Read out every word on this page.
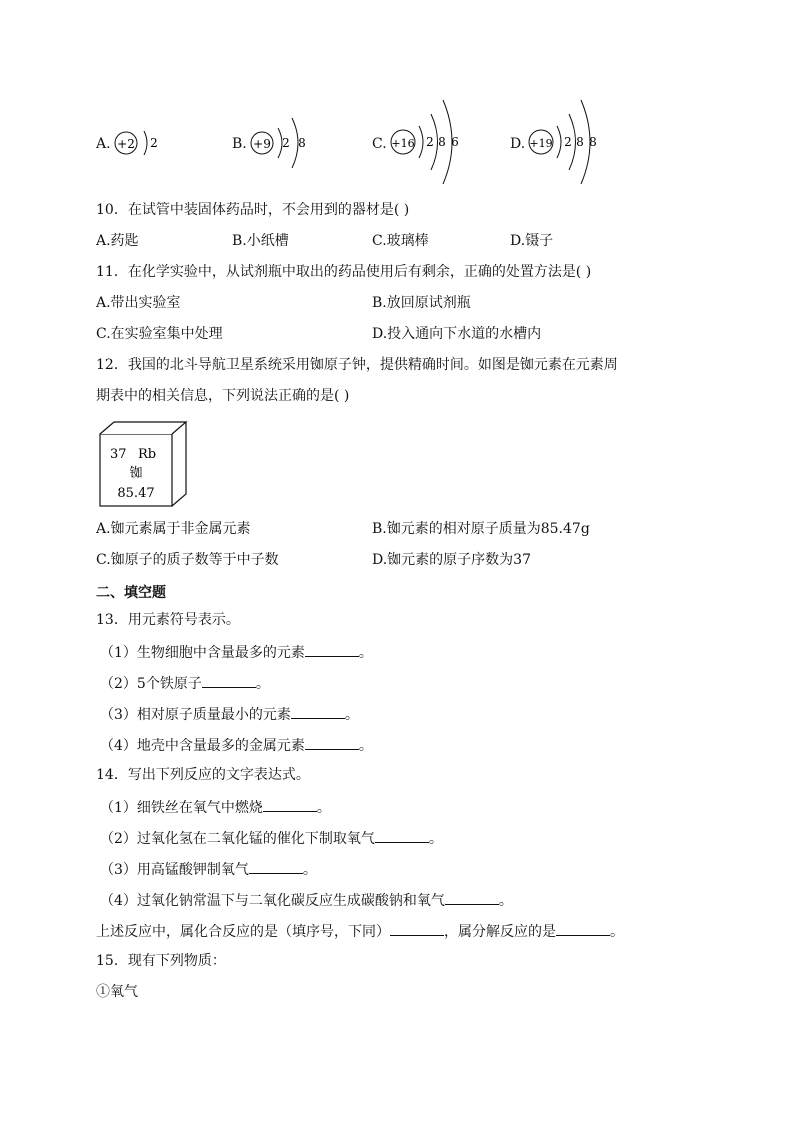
A. +2 2	B. +9 2 8	C. +16 2 8 6	D. +19 2 8 8
10．在试管中装固体药品时，不会用到的器材是( )
A.药匙	B.小纸槽	C.玻璃棒	D.镊子
11．在化学实验中，从试剂瓶中取出的药品使用后有剩余，正确的处置方法是( )
A.带出实验室	B.放回原试剂瓶
C.在实验室集中处理	D.投入通向下水道的水槽内
12．我国的北斗导航卫星系统采用铷原子钟，提供精确时间。如图是铷元素在元素周
期表中的相关信息，下列说法正确的是( )
37 Rb
铷
85.47
A.铷元素属于非金属元素	B.铷元素的相对原子质量为85.47g
C.铷原子的质子数等于中子数	D.铷元素的原子序数为37
二、填空题
13．用元素符号表示。
（1）生物细胞中含量最多的元素	。
（2）5个铁原子	。
（3）相对原子质量最小的元素	。
（4）地壳中含量最多的金属元素	。
14．写出下列反应的文字表达式。
（1）细铁丝在氧气中燃烧	。
（2）过氧化氢在二氧化锰的催化下制取氧气	。
（3）用高锰酸钾制氧气	。
（4）过氧化钠常温下与二氧化碳反应生成碳酸钠和氧气	。
上述反应中，属化合反应的是（填序号，下同）	，属分解反应的是	。
15．现有下列物质：
①氧气
